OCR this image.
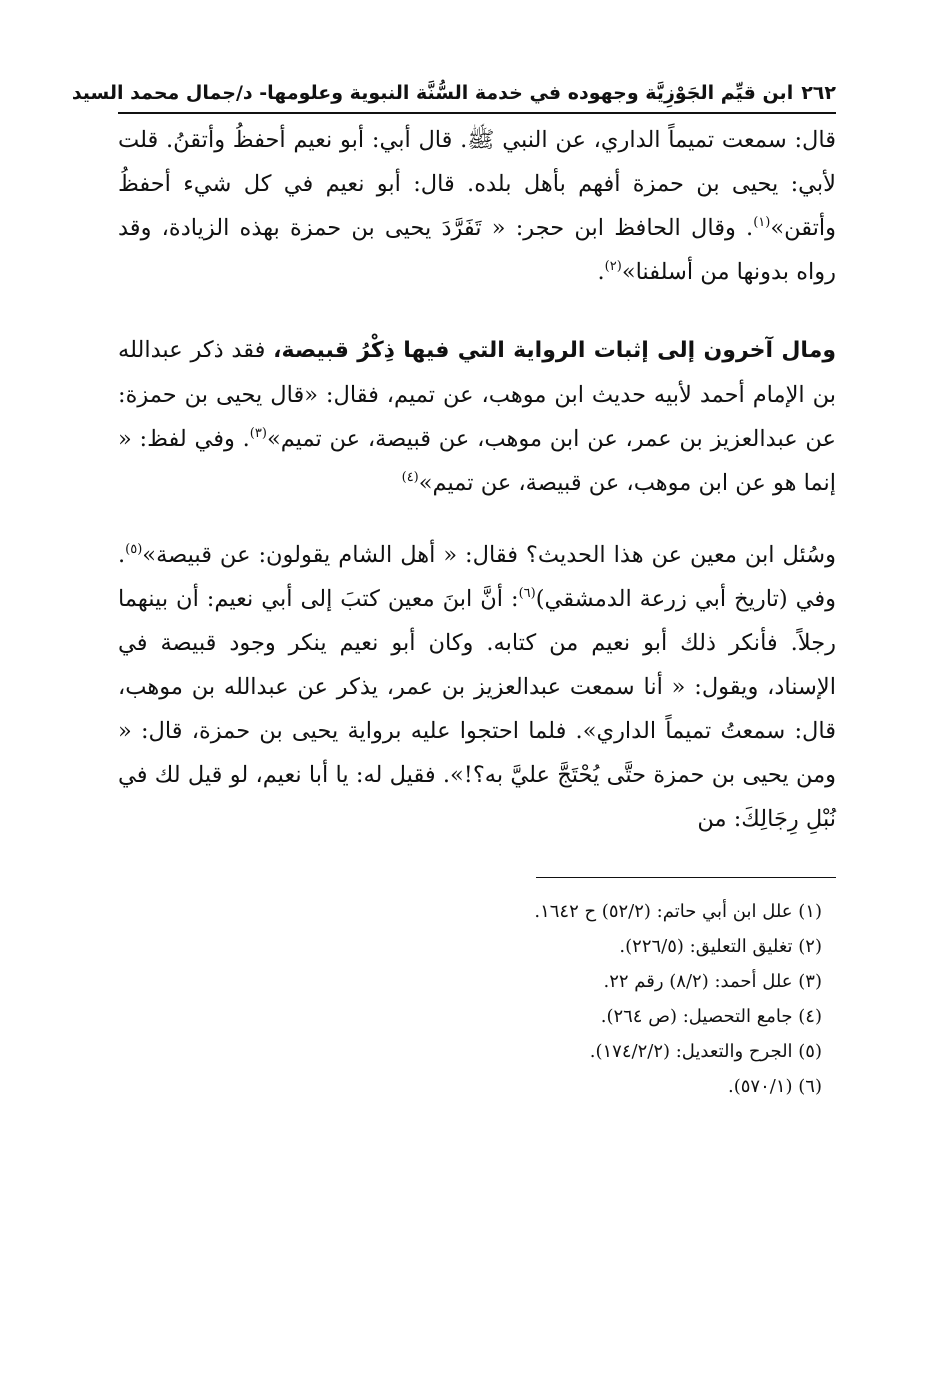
٢٦٢
ابن قيِّم الجَوْزِيَّة وجهوده في خدمة السُّنَّة النبوية وعلومها- د/جمال محمد السيد

قال: سمعت تميماً الداري، عن النبي ﷺ. قال أبي: أبو نعيم أحفظُ وأتقنُ. قلت لأبي: يحيى بن حمزة أفهم بأهل بلده. قال: أبو نعيم في كل شيء أحفظُ وأتقن»$^{(١)}$. وقال الحافظ ابن حجر: « تَفَرَّدَ يحيى بن حمزة بهذه الزيادة، وقد رواه بدونها من أسلفنا»$^{(٢)}$.

ومال آخرون إلى إثبات الرواية التي فيها ذِكْرُ قبيصة، فقد ذكر عبدالله بن الإمام أحمد لأبيه حديث ابن موهب، عن تميم، فقال: «قال يحيى بن حمزة: عن عبدالعزيز بن عمر، عن ابن موهب، عن قبيصة، عن تميم»$^{(٣)}$. وفي لفظ: « إنما هو عن ابن موهب، عن قبيصة، عن تميم»$^{(٤)}$

وسُئل ابن معين عن هذا الحديث؟ فقال: « أهل الشام يقولون: عن قبيصة»$^{(٥)}$. وفي (تاريخ أبي زرعة الدمشقي)$^{(٦)}$: أنَّ ابنَ معين كتبَ إلى أبي نعيم: أن بينهما رجلاً. فأنكر ذلك أبو نعيم من كتابه. وكان أبو نعيم ينكر وجود قبيصة في الإسناد، ويقول: « أنا سمعت عبدالعزيز بن عمر، يذكر عن عبدالله بن موهب، قال: سمعتُ تميماً الداري». فلما احتجوا عليه برواية يحيى بن حمزة، قال: « ومن يحيى بن حمزة حتَّى يُحْتَجَّ عليَّ به؟!». فقيل له: يا أبا نعيم، لو قيل لك في نُبْلِ رِجَالِكَ: من

(١) علل ابن أبي حاتم: (٥٢/٢) ح ١٦٤٢.
(٢) تغليق التعليق: (٢٢٦/٥).
(٣) علل أحمد: (٨/٢) رقم ٢٢.
(٤) جامع التحصيل: (ص ٢٦٤).
(٥) الجرح والتعديل: (١٧٤/٢/٢).
(٦) (٥٧٠/١).
